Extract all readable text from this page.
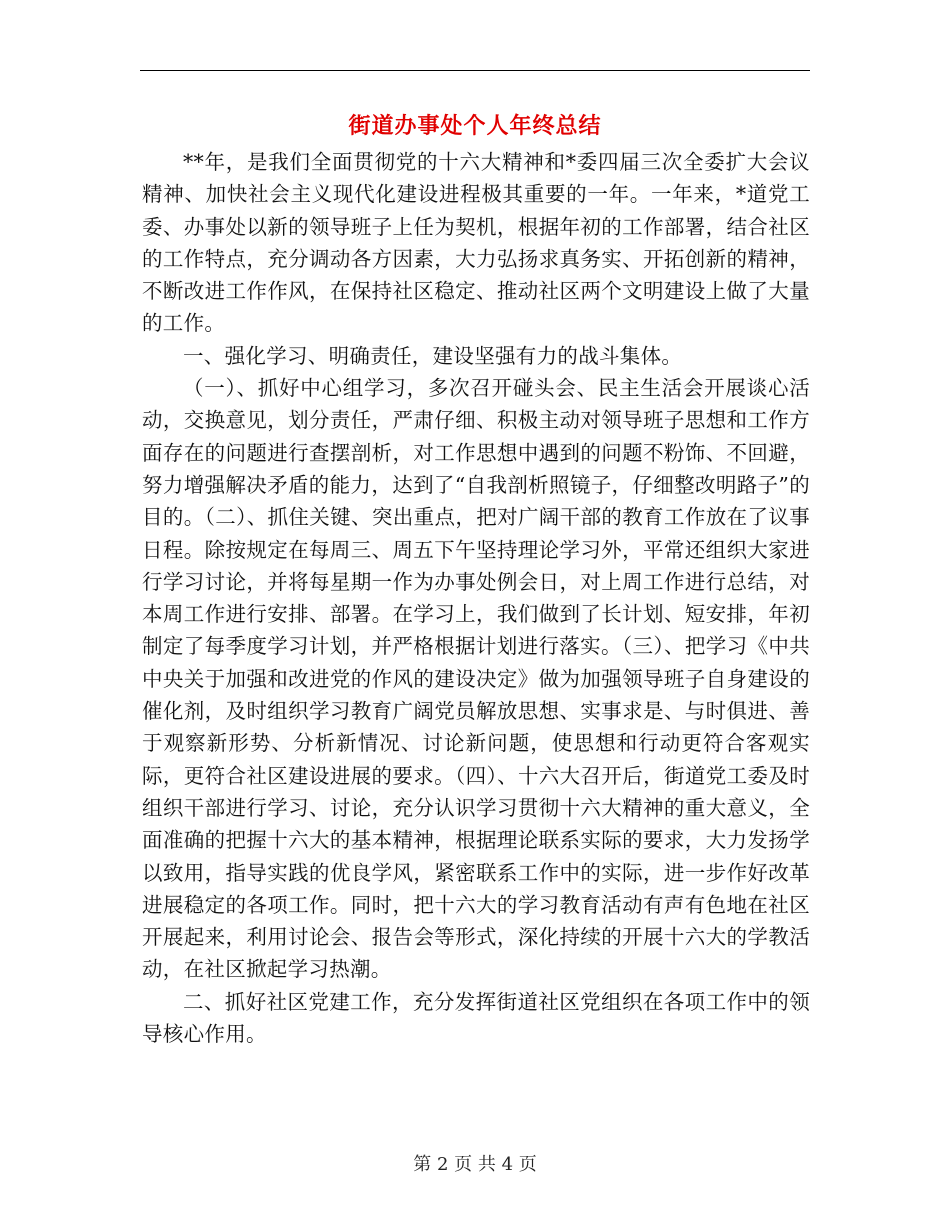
街道办事处个人年终总结

**年，是我们全面贯彻党的十六大精神和*委四届三次全委扩大会议精神、加快社会主义现代化建设进程极其重要的一年。一年来，*道党工委、办事处以新的领导班子上任为契机，根据年初的工作部署，结合社区的工作特点，充分调动各方因素，大力弘扬求真务实、开拓创新的精神，不断改进工作作风，在保持社区稳定、推动社区两个文明建设上做了大量的工作。

一、强化学习、明确责任，建设坚强有力的战斗集体。

（一）、抓好中心组学习，多次召开碰头会、民主生活会开展谈心活动，交换意见，划分责任，严肃仔细、积极主动对领导班子思想和工作方面存在的问题进行查摆剖析，对工作思想中遇到的问题不粉饰、不回避，努力增强解决矛盾的能力，达到了“自我剖析照镜子，仔细整改明路子”的目的。（二）、抓住关键、突出重点，把对广阔干部的教育工作放在了议事日程。除按规定在每周三、周五下午坚持理论学习外，平常还组织大家进行学习讨论，并将每星期一作为办事处例会日，对上周工作进行总结，对本周工作进行安排、部署。在学习上，我们做到了长计划、短安排，年初制定了每季度学习计划，并严格根据计划进行落实。（三）、把学习《中共中央关于加强和改进党的作风的建设决定》做为加强领导班子自身建设的催化剂，及时组织学习教育广阔党员解放思想、实事求是、与时俱进、善于观察新形势、分析新情况、讨论新问题，使思想和行动更符合客观实际，更符合社区建设进展的要求。（四）、十六大召开后，街道党工委及时组织干部进行学习、讨论，充分认识学习贯彻十六大精神的重大意义，全面准确的把握十六大的基本精神，根据理论联系实际的要求，大力发扬学以致用，指导实践的优良学风，紧密联系工作中的实际，进一步作好改革进展稳定的各项工作。同时，把十六大的学习教育活动有声有色地在社区开展起来，利用讨论会、报告会等形式，深化持续的开展十六大的学教活动，在社区掀起学习热潮。

二、抓好社区党建工作，充分发挥街道社区党组织在各项工作中的领导核心作用。

第 2 页 共 4 页
